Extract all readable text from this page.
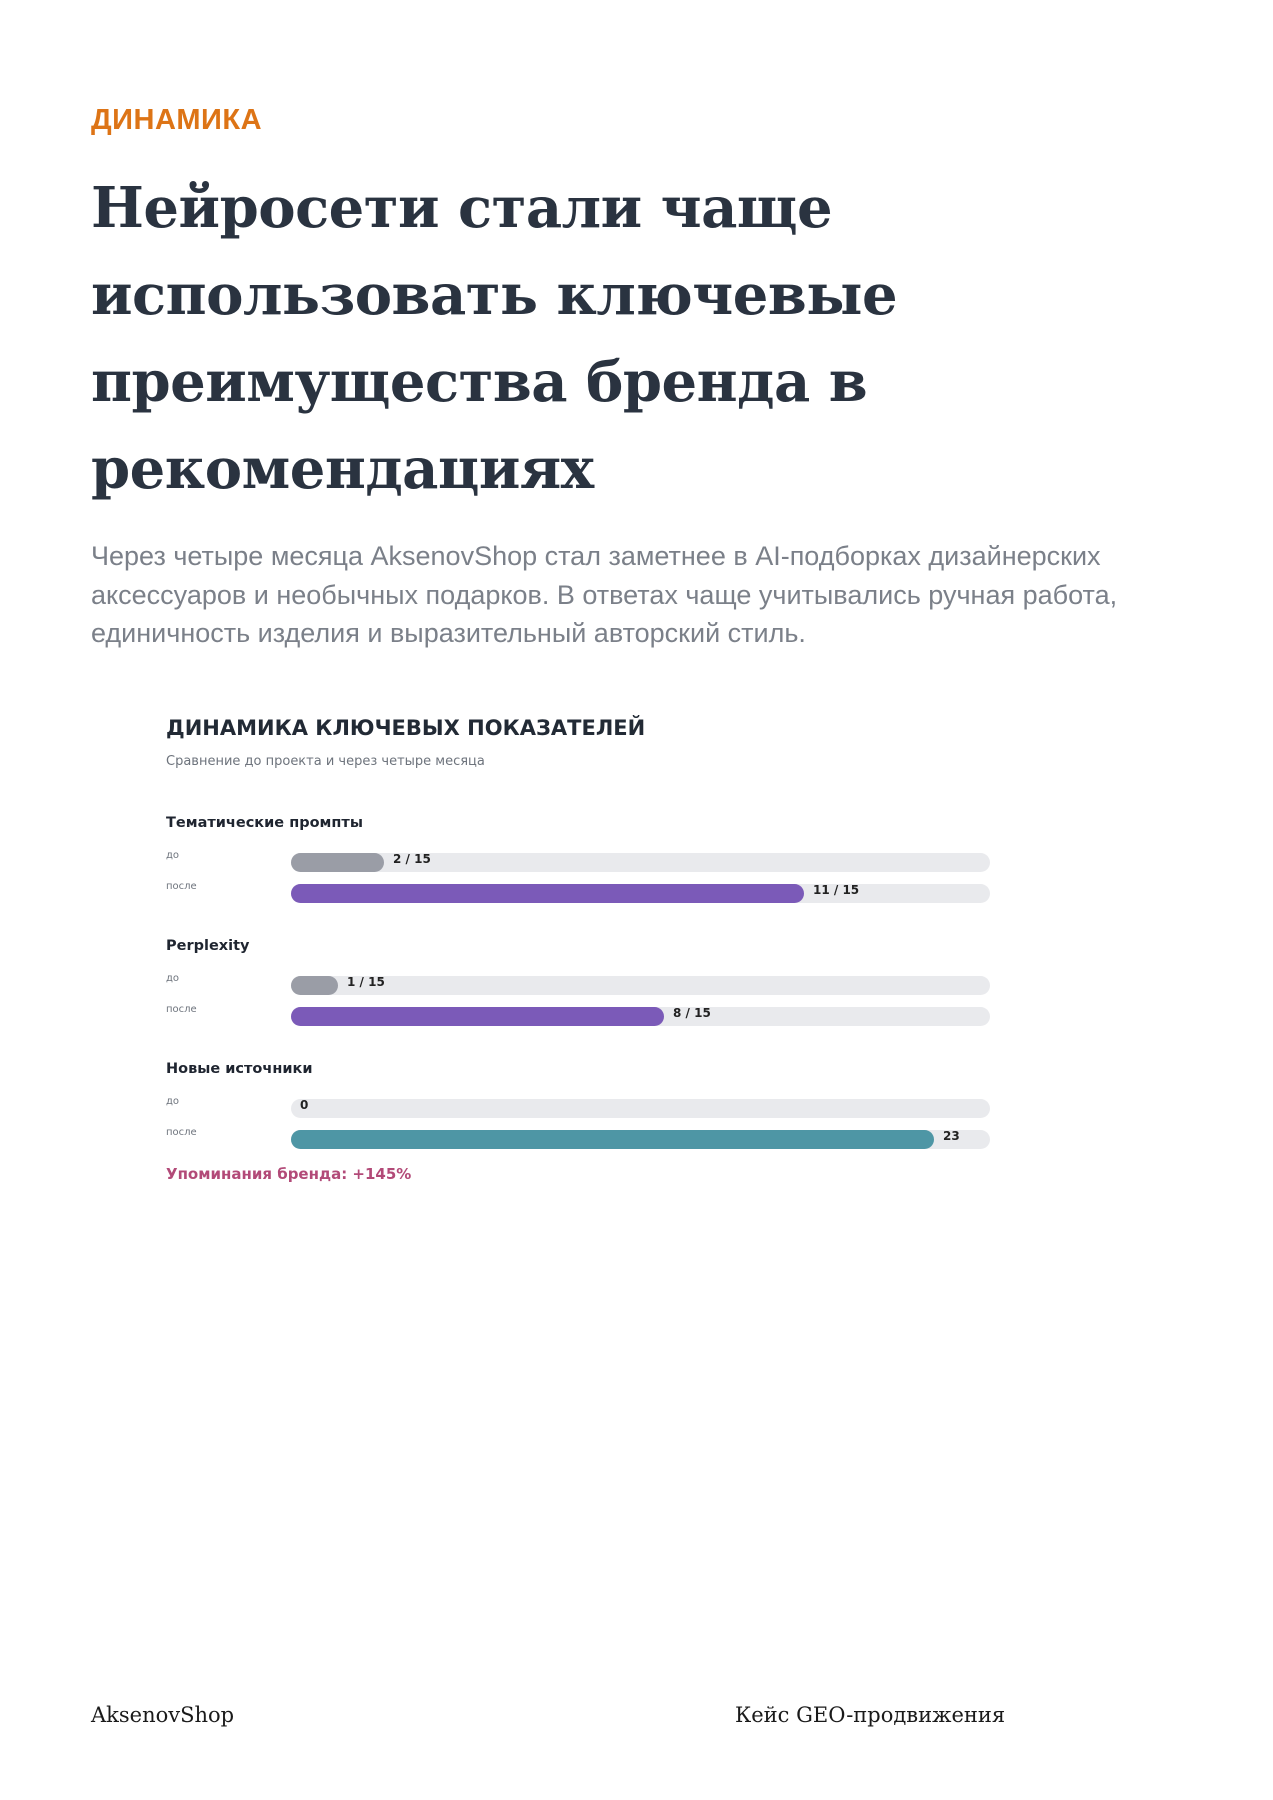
ДИНАМИКА
Нейросети стали чаще использовать ключевые преимущества бренда в рекомендациях

Через четыре месяца AksenovShop стал заметнее в AI-подборках дизайнерских аксессуаров и необычных подарков. В ответах чаще учитывались ручная работа, единичность изделия и выразительный авторский стиль.

ДИНАМИКА КЛЮЧЕВЫХ ПОКАЗАТЕЛЕЙ
Сравнение до проекта и через четыре месяца
Тематические промпты
до	2 / 15
после	11 / 15
Perplexity
до	1 / 15
после	8 / 15
Новые источники
до	0
после	23
Упоминания бренда: +145%
AksenovShop	Кейс GEO-продвижения
